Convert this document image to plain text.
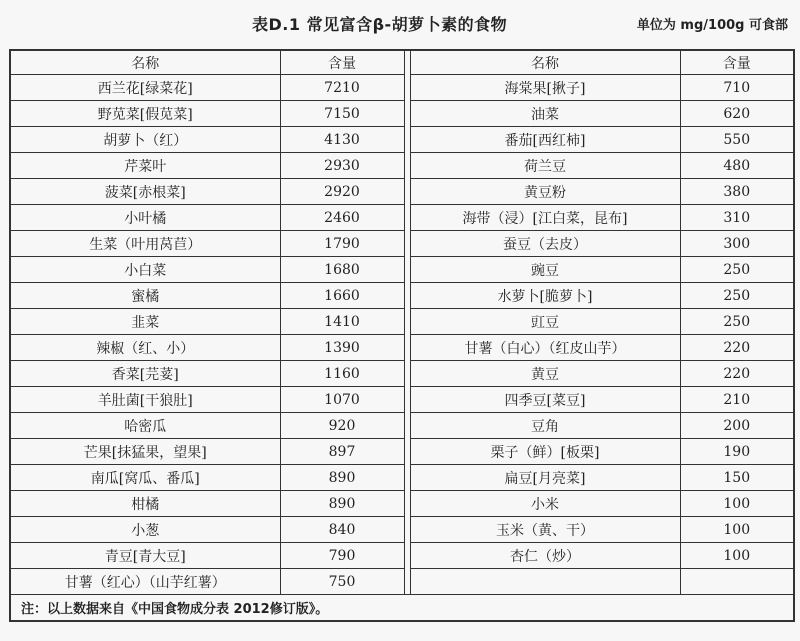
表D.1 常见富含β-胡萝卜素的食物	单位为 mg/100g 可食部
名称	含量		名称	含量
西兰花[绿菜花]	7210		海棠果[揪子]	710
野苋菜[假苋菜]	7150		油菜	620
胡萝卜（红）	4130		番茄[西红柿]	550
芹菜叶	2930		荷兰豆	480
菠菜[赤根菜]	2920		黄豆粉	380
小叶橘	2460		海带（浸）[江白菜，昆布]	310
生菜（叶用莴苣）	1790		蚕豆（去皮）	300
小白菜	1680		豌豆	250
蜜橘	1660		水萝卜[脆萝卜]	250
韭菜	1410		豇豆	250
辣椒（红、小）	1390		甘薯（白心）（红皮山芋）	220
香菜[芫荽]	1160		黄豆	220
羊肚菌[干狼肚]	1070		四季豆[菜豆]	210
哈密瓜	920		豆角	200
芒果[抹猛果，望果]	897		栗子（鲜）[板栗]	190
南瓜[窝瓜、番瓜]	890		扁豆[月亮菜]	150
柑橘	890		小米	100
小葱	840		玉米（黄、干）	100
青豆[青大豆]	790		杏仁（炒）	100
甘薯（红心）（山芋红薯）	750			
注：以上数据来自《中国食物成分表 2012修订版》。				
